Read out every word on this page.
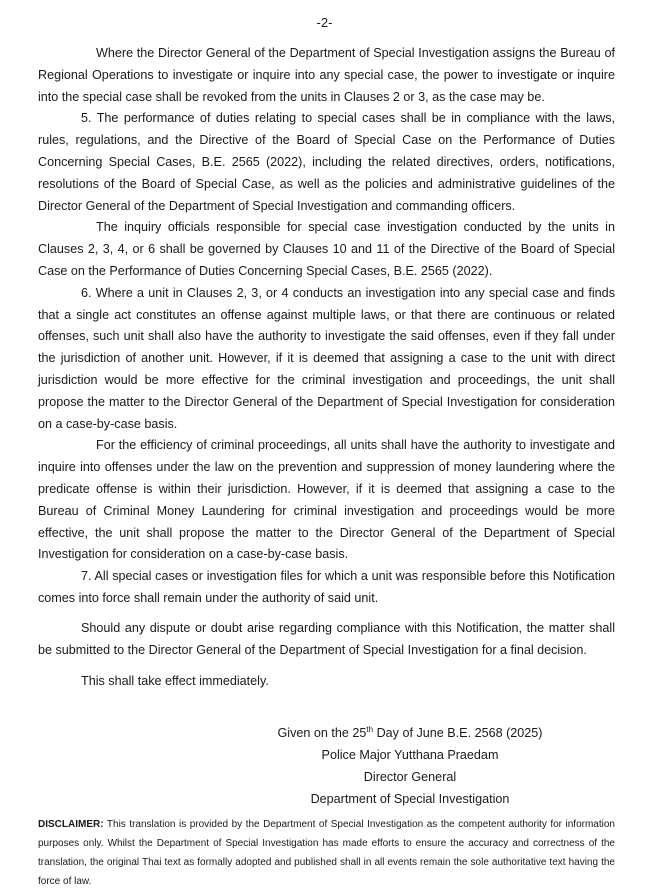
-2-

Where the Director General of the Department of Special Investigation assigns the Bureau of Regional Operations to investigate or inquire into any special case, the power to investigate or inquire into the special case shall be revoked from the units in Clauses 2 or 3, as the case may be.

5. The performance of duties relating to special cases shall be in compliance with the laws, rules, regulations, and the Directive of the Board of Special Case on the Performance of Duties Concerning Special Cases, B.E. 2565 (2022), including the related directives, orders, notifications, resolutions of the Board of Special Case, as well as the policies and administrative guidelines of the Director General of the Department of Special Investigation and commanding officers.

The inquiry officials responsible for special case investigation conducted by the units in Clauses 2, 3, 4, or 6 shall be governed by Clauses 10 and 11 of the Directive of the Board of Special Case on the Performance of Duties Concerning Special Cases, B.E. 2565 (2022).

6. Where a unit in Clauses 2, 3, or 4 conducts an investigation into any special case and finds that a single act constitutes an offense against multiple laws, or that there are continuous or related offenses, such unit shall also have the authority to investigate the said offenses, even if they fall under the jurisdiction of another unit. However, if it is deemed that assigning a case to the unit with direct jurisdiction would be more effective for the criminal investigation and proceedings, the unit shall propose the matter to the Director General of the Department of Special Investigation for consideration on a case-by-case basis.

For the efficiency of criminal proceedings, all units shall have the authority to investigate and inquire into offenses under the law on the prevention and suppression of money laundering where the predicate offense is within their jurisdiction. However, if it is deemed that assigning a case to the Bureau of Criminal Money Laundering for criminal investigation and proceedings would be more effective, the unit shall propose the matter to the Director General of the Department of Special Investigation for consideration on a case-by-case basis.

7. All special cases or investigation files for which a unit was responsible before this Notification comes into force shall remain under the authority of said unit.

Should any dispute or doubt arise regarding compliance with this Notification, the matter shall be submitted to the Director General of the Department of Special Investigation for a final decision.

This shall take effect immediately.

Given on the 25th Day of June B.E. 2568 (2025)
Police Major Yutthana Praedam
Director General
Department of Special Investigation
DISCLAIMER: This translation is provided by the Department of Special Investigation as the competent authority for information purposes only. Whilst the Department of Special Investigation has made efforts to ensure the accuracy and correctness of the translation, the original Thai text as formally adopted and published shall in all events remain the sole authoritative text having the force of law.
